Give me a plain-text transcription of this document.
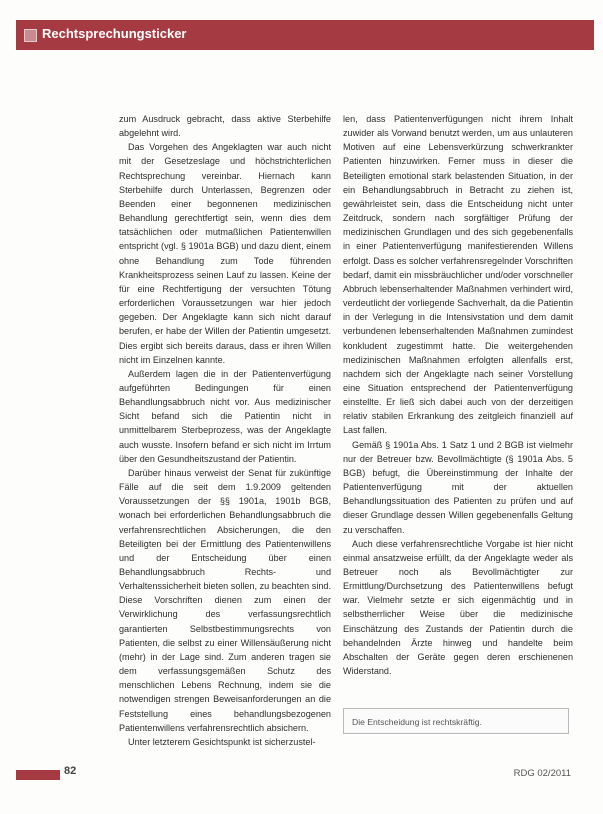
Rechtsprechungsticker

zum Ausdruck gebracht, dass aktive Sterbehilfe abgelehnt wird.

Das Vorgehen des Angeklagten war auch nicht mit der Gesetzeslage und höchstrichterlichen Rechtsprechung vereinbar. Hiernach kann Sterbehilfe durch Unterlassen, Begrenzen oder Beenden einer begonnenen medizinischen Behandlung gerechtfertigt sein, wenn dies dem tatsächlichen oder mutmaßlichen Patientenwillen entspricht (vgl. § 1901a BGB) und dazu dient, einem ohne Behandlung zum Tode führenden Krankheitsprozess seinen Lauf zu lassen. Keine der für eine Rechtfertigung der versuchten Tötung erforderlichen Voraussetzungen war hier jedoch gegeben. Der Angeklagte kann sich nicht darauf berufen, er habe der Willen der Patientin umgesetzt. Dies ergibt sich bereits daraus, dass er ihren Willen nicht im Einzelnen kannte.

Außerdem lagen die in der Patientenverfügung aufgeführten Bedingungen für einen Behandlungsabbruch nicht vor. Aus medizinischer Sicht befand sich die Patientin nicht in unmittelbarem Sterbeprozess, was der Angeklagte auch wusste. Insofern befand er sich nicht im Irrtum über den Gesundheitszustand der Patientin.

Darüber hinaus verweist der Senat für zukünftige Fälle auf die seit dem 1.9.2009 geltenden Voraussetzungen der §§ 1901a, 1901b BGB, wonach bei erforderlichen Behandlungsabbruch die verfahrensrechtlichen Absicherungen, die den Beteiligten bei der Ermittlung des Patientenwillens und der Entscheidung über einen Behandlungsabbruch Rechts- und Verhaltenssicherheit bieten sollen, zu beachten sind. Diese Vorschriften dienen zum einen der Verwirklichung des verfassungsrechtlich garantierten Selbstbestimmungsrechts von Patienten, die selbst zu einer Willensäußerung nicht (mehr) in der Lage sind. Zum anderen tragen sie dem verfassungsgemäßen Schutz des menschlichen Lebens Rechnung, indem sie die notwendigen strengen Beweisanforderungen an die Feststellung eines behandlungsbezogenen Patientenwillens verfahrensrechtlich absichern.

Unter letzterem Gesichtspunkt ist sicherzustel-

len, dass Patientenverfügungen nicht ihrem Inhalt zuwider als Vorwand benutzt werden, um aus unlauteren Motiven auf eine Lebensverkürzung schwerkrankter Patienten hinzuwirken. Ferner muss in dieser die Beteiligten emotional stark belastenden Situation, in der ein Behandlungsabbruch in Betracht zu ziehen ist, gewährleistet sein, dass die Entscheidung nicht unter Zeitdruck, sondern nach sorgfältiger Prüfung der medizinischen Grundlagen und des sich gegebenenfalls in einer Patientenverfügung manifestierenden Willens erfolgt. Dass es solcher verfahrensregelnder Vorschriften bedarf, damit ein missbräuchlicher und/oder vorschneller Abbruch lebenserhaltender Maßnahmen verhindert wird, verdeutlicht der vorliegende Sachverhalt, da die Patientin in der Verlegung in die Intensivstation und dem damit verbundenen lebenserhaltenden Maßnahmen zumindest konkludent zugestimmt hatte. Die weitergehenden medizinischen Maßnahmen erfolgten allenfalls erst, nachdem sich der Angeklagte nach seiner Vorstellung eine Situation entsprechend der Patientenverfügung einstellte. Er ließ sich dabei auch von der derzeitigen relativ stabilen Erkrankung des zeitgleich finanziell auf Last fallen.

Gemäß § 1901a Abs. 1 Satz 1 und 2 BGB ist vielmehr nur der Betreuer bzw. Bevollmächtigte (§ 1901a Abs. 5 BGB) befugt, die Übereinstimmung der Inhalte der Patientenverfügung mit der aktuellen Behandlungssituation des Patienten zu prüfen und auf dieser Grundlage dessen Willen gegebenenfalls Geltung zu verschaffen.

Auch diese verfahrensrechtliche Vorgabe ist hier nicht einmal ansatzweise erfüllt, da der Angeklagte weder als Betreuer noch als Bevollmächtigter zur Ermittlung/Durchsetzung des Patientenwillens befugt war. Vielmehr setzte er sich eigenmächtig und in selbstherrlicher Weise über die medizinische Einschätzung des Zustands der Patientin durch die behandelnden Ärzte hinweg und handelte beim Abschalten der Geräte gegen deren erschienenen Widerstand.

Die Entscheidung ist rechtskräftig.
82	RDG 02/2011
